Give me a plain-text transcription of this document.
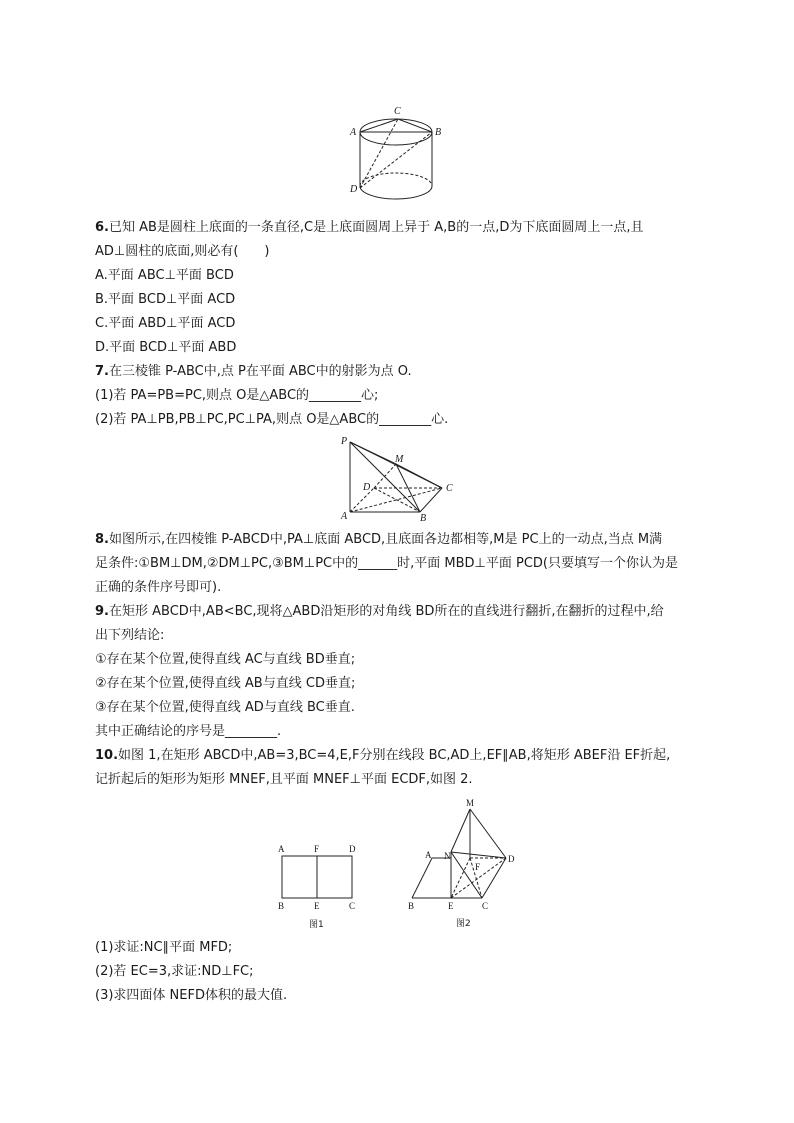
C
A	B
D
6.已知 AB是圆柱上底面的一条直径,C是上底面圆周上异于 A,B的一点,D为下底面圆周上一点,且
AD⊥圆柱的底面,则必有(　　)
A.平面 ABC⊥平面 BCD
B.平面 BCD⊥平面 ACD
C.平面 ABD⊥平面 ACD
D.平面 BCD⊥平面 ABD
7.在三棱锥 P-ABC中,点 P在平面 ABC中的射影为点 O.
(1)若 PA=PB=PC,则点 O是△ABC的________心;
(2)若 PA⊥PB,PB⊥PC,PC⊥PA,则点 O是△ABC的________心.
P
M
D	C
A	B
8.如图所示,在四棱锥 P-ABCD中,PA⊥底面 ABCD,且底面各边都相等,M是 PC上的一动点,当点 M满
足条件:①BM⊥DM,②DM⊥PC,③BM⊥PC中的______时,平面 MBD⊥平面 PCD(只要填写一个你认为是
正确的条件序号即可).
9.在矩形 ABCD中,AB<BC,现将△ABD沿矩形的对角线 BD所在的直线进行翻折,在翻折的过程中,给
出下列结论:
①存在某个位置,使得直线 AC与直线 BD垂直;
②存在某个位置,使得直线 AB与直线 CD垂直;
③存在某个位置,使得直线 AD与直线 BC垂直.
其中正确结论的序号是________.
10.如图 1,在矩形 ABCD中,AB=3,BC=4,E,F分别在线段 BC,AD上,EF∥AB,将矩形 ABEF沿 EF折起,
记折起后的矩形为矩形 MNEF,且平面 MNEF⊥平面 ECDF,如图 2.
A	F	D
B	E	C
图1
M
A N
F
D
B	E	C
图2
(1)求证:NC∥平面 MFD;
(2)若 EC=3,求证:ND⊥FC;
(3)求四面体 NEFD体积的最大值.
